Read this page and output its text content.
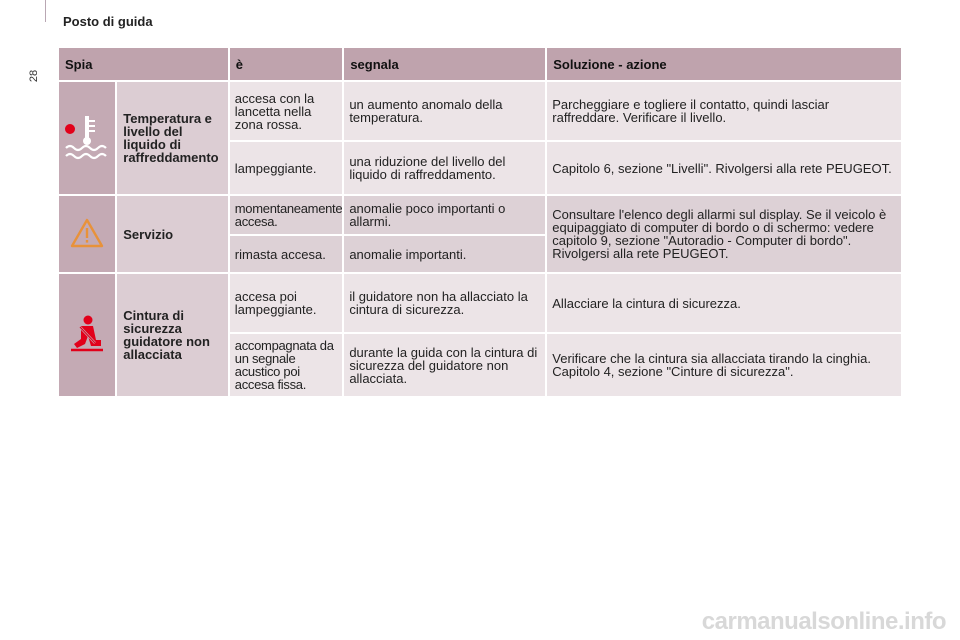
Posto di guida
28
Spia		è	segnala	Soluzione - azione
	Temperatura e livello del liquido di raffreddamento	accesa con la lancetta nella zona rossa.	un aumento anomalo della temperatura.	Parcheggiare e togliere il contatto, quindi lasciar raffreddare. Verificare il livello.
		lampeggiante.	una riduzione del livello del liquido di raffreddamento.	Capitolo 6, sezione "Livelli". Rivolgersi alla rete PEUGEOT.
	Servizio	momentaneamente accesa.	anomalie poco importanti o allarmi.	Consultare l'elenco degli allarmi sul display. Se il veicolo è equipaggiato di computer di bordo o di schermo: vedere capitolo 9, sezione "Autoradio - Computer di bordo". Rivolgersi alla rete PEUGEOT.
		rimasta accesa.	anomalie importanti.	
	Cintura di sicurezza guidatore non allacciata	accesa poi lampeggiante.	il guidatore non ha allacciato la cintura di sicurezza.	Allacciare la cintura di sicurezza.
		accompagnata da un segnale acustico poi accesa fissa.	durante la guida con la cintura di sicurezza del guidatore non allacciata.	Verificare che la cintura sia allacciata tirando la cinghia. Capitolo 4, sezione "Cinture di sicurezza".
carmanualsonline.info
